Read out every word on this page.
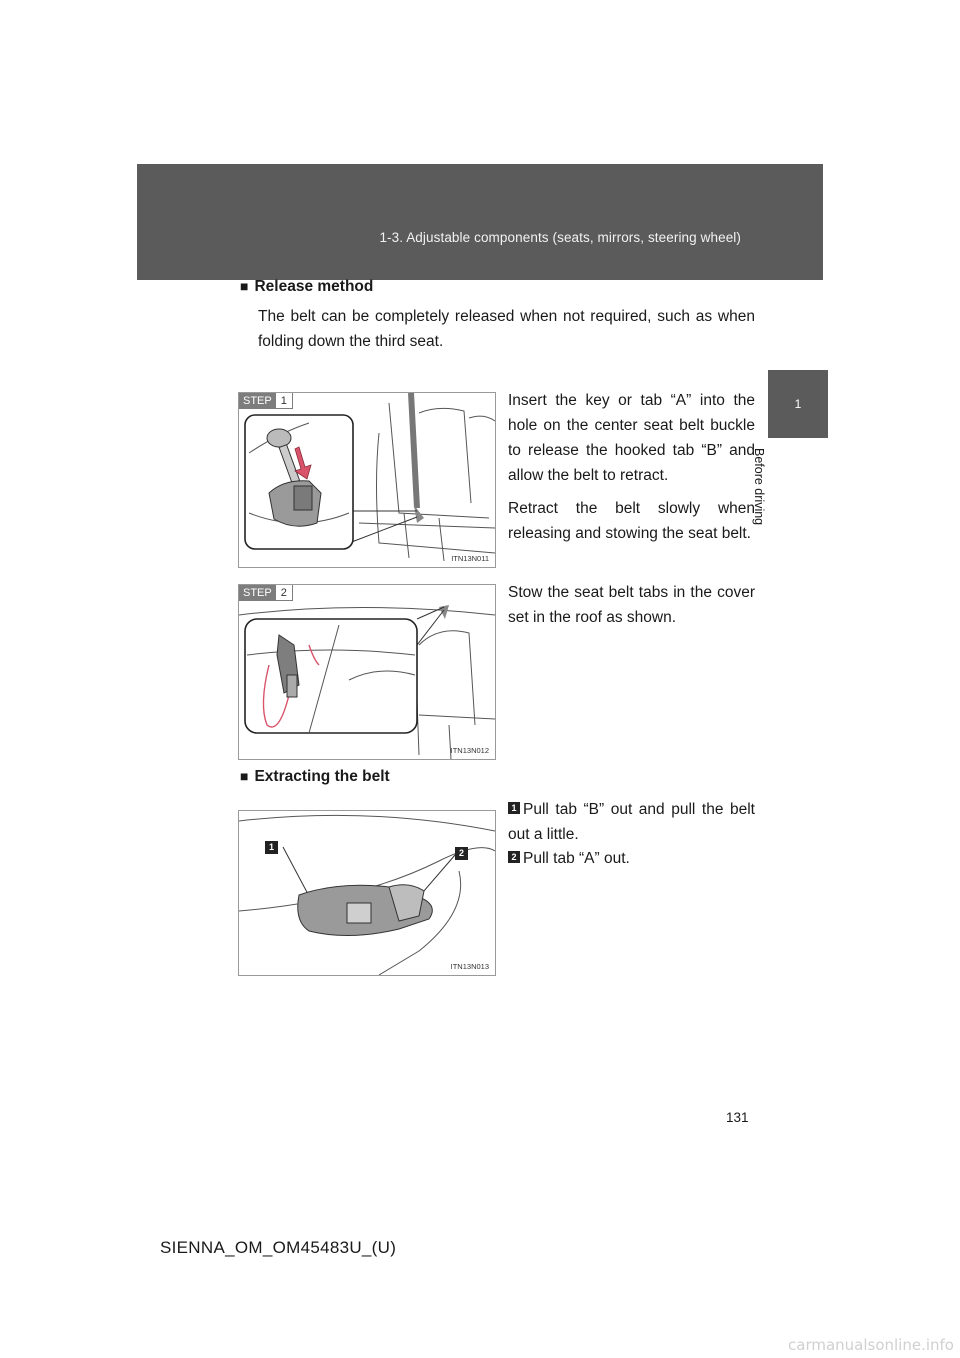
1-3. Adjustable components (seats, mirrors, steering wheel)
1
Before driving
■ Release method
The belt can be completely released when not required, such as when folding down the third seat.
STEP 1
ITN13N011

Insert the key or tab “A” into the hole on the center seat belt buckle to release the hooked tab “B” and allow the belt to retract.

Retract the belt slowly when releasing and stowing the seat belt.

STEP 2
ITN13N012

Stow the seat belt tabs in the cover set in the roof as shown.

■ Extracting the belt
1
2
ITN13N013
1 Pull tab “B” out and pull the belt out a little.
2 Pull tab “A” out.
131
SIENNA_OM_OM45483U_(U)
carmanualsonline.info
